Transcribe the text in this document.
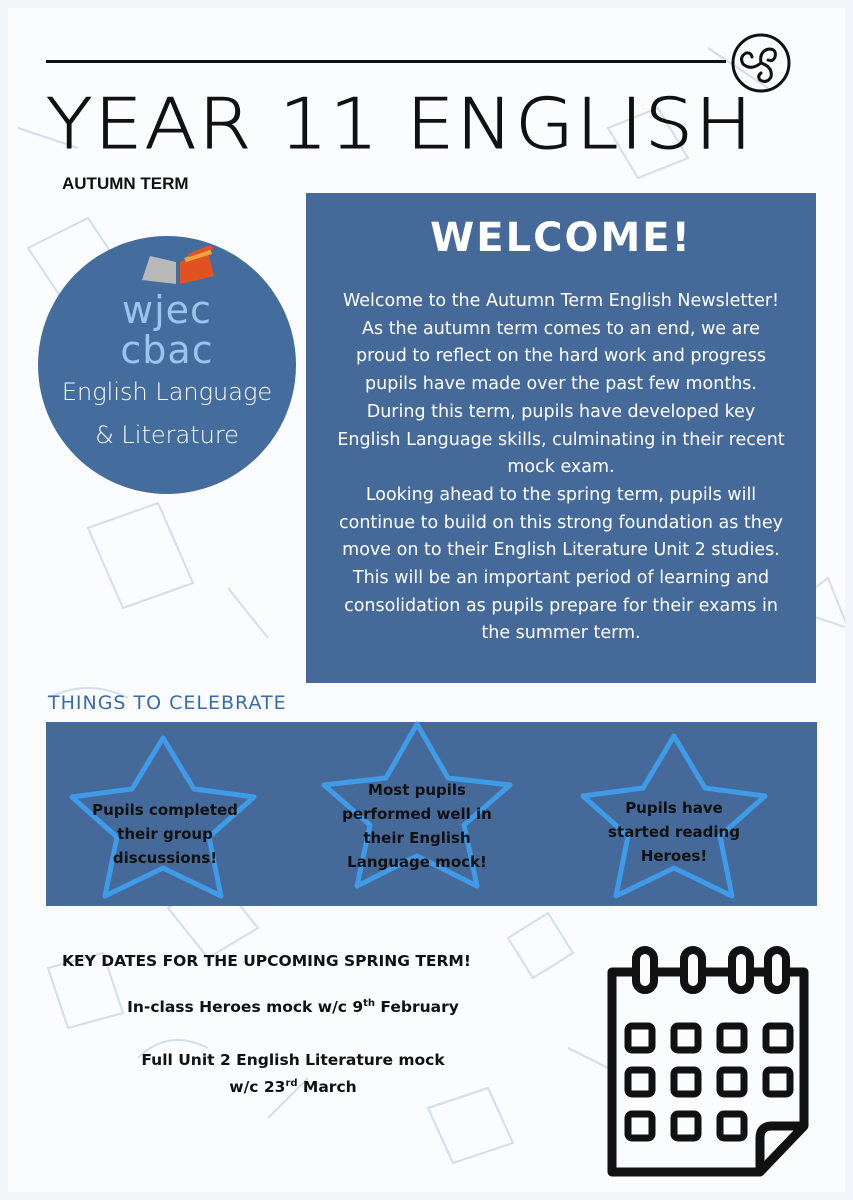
YEAR 11 ENGLISH
AUTUMN TERM
wjec
cbac
English Language
& Literature
WELCOME!
Welcome to the Autumn Term English Newsletter!
As the autumn term comes to an end, we are
proud to reflect on the hard work and progress
pupils have made over the past few months.
During this term, pupils have developed key
English Language skills, culminating in their recent
mock exam.
Looking ahead to the spring term, pupils will
continue to build on this strong foundation as they
move on to their English Literature Unit 2 studies.
This will be an important period of learning and
consolidation as pupils prepare for their exams in
the summer term.
THINGS TO CELEBRATE
Pupils completed
their group
discussions!
Most pupils
performed well in
their English
Language mock!
Pupils have
started reading
Heroes!
KEY DATES FOR THE UPCOMING SPRING TERM!
In-class Heroes mock w/c 9th February
Full Unit 2 English Literature mock
w/c 23rd March
